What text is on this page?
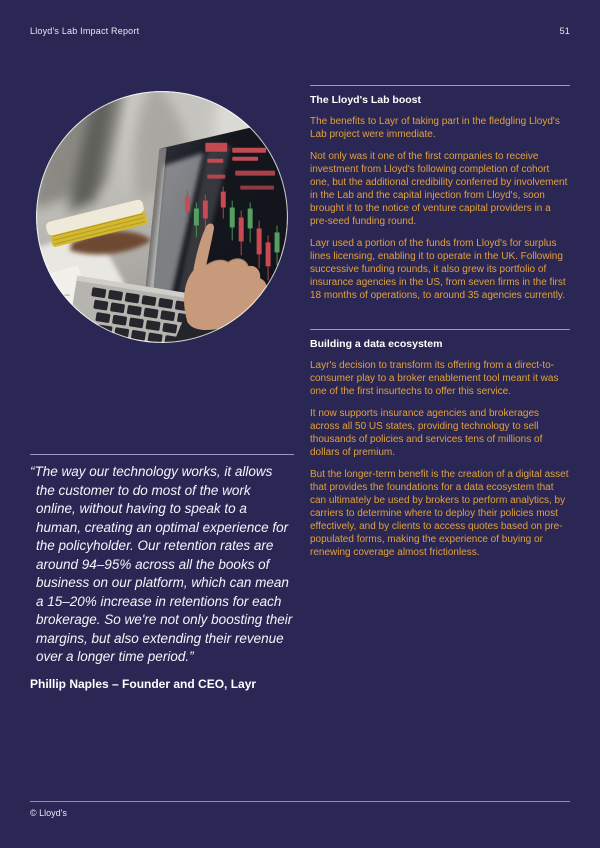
Lloyd's Lab Impact Report	51
The Lloyd's Lab boost

The benefits to Layr of taking part in the fledgling Lloyd's Lab project were immediate.

Not only was it one of the first companies to receive investment from Lloyd's following completion of cohort one, but the additional credibility conferred by involvement in the Lab and the capital injection from Lloyd's, soon brought it to the notice of venture capital providers in a pre-seed funding round.

Layr used a portion of the funds from Lloyd's for surplus lines licensing, enabling it to operate in the UK. Following successive funding rounds, it also grew its portfolio of insurance agencies in the US, from seven firms in the first 18 months of operations, to around 35 agencies currently.

Building a data ecosystem

Layr's decision to transform its offering from a direct-to-consumer play to a broker enablement tool meant it was one of the first insurtechs to offer this service.

It now supports insurance agencies and brokerages across all 50 US states, providing technology to sell thousands of policies and services tens of millions of dollars of premium.

But the longer-term benefit is the creation of a digital asset that provides the foundations for a data ecosystem that can ultimately be used by brokers to perform analytics, by carriers to determine where to deploy their policies most effectively, and by clients to access quotes based on pre-populated forms, making the experience of buying or renewing coverage almost frictionless.

“The way our technology works, it allows the customer to do most of the work online, without having to speak to a human, creating an optimal experience for the policyholder. Our retention rates are around 94–95% across all the books of business on our platform, which can mean a 15–20% increase in retentions for each brokerage. So we're not only boosting their margins, but also extending their revenue over a longer time period.”

Phillip Naples – Founder and CEO, Layr

© Lloyd's
